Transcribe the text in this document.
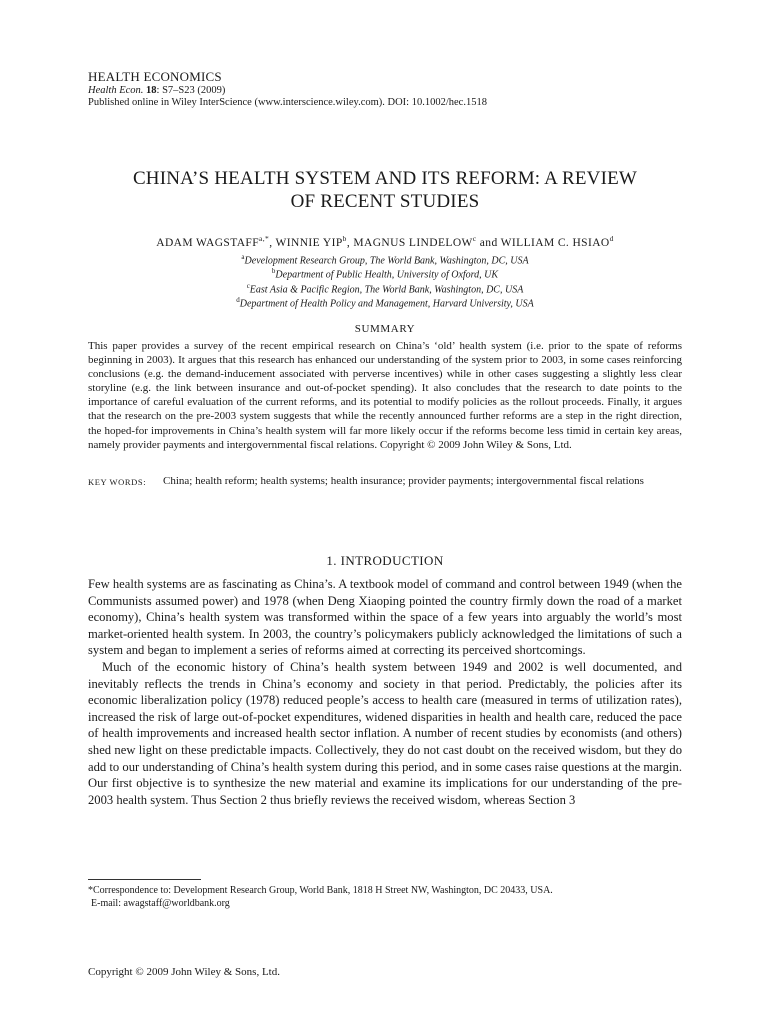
HEALTH ECONOMICS
Health Econ. 18: S7–S23 (2009)
Published online in Wiley InterScience (www.interscience.wiley.com). DOI: 10.1002/hec.1518
CHINA’S HEALTH SYSTEM AND ITS REFORM: A REVIEW
OF RECENT STUDIES
ADAM $WAGSTAFF^{a,*}$, WINNIE YIP$^b$, MAGNUS LINDELOW$^c$ and WILLIAM C. HSIAO$^d$
$^a$Development Research Group, The World Bank, Washington, DC, USA
$^b$Department of Public Health, University of Oxford, UK
$^c$East Asia & Pacific Region, The World Bank, Washington, DC, USA
$^d$Department of Health Policy and Management, Harvard University, USA
SUMMARY
This paper provides a survey of the recent empirical research on China’s ‘old’ health system (i.e. prior to the spate of reforms beginning in 2003). It argues that this research has enhanced our understanding of the system prior to 2003, in some cases reinforcing conclusions (e.g. the demand-inducement associated with perverse incentives) while in other cases suggesting a slightly less clear storyline (e.g. the link between insurance and out-of-pocket spending). It also concludes that the research to date points to the importance of careful evaluation of the current reforms, and its potential to modify policies as the rollout proceeds. Finally, it argues that the research on the pre-2003 system suggests that while the recently announced further reforms are a step in the right direction, the hoped-for improvements in China’s health system will far more likely occur if the reforms become less timid in certain key areas, namely provider payments and intergovernmental fiscal relations. Copyright © 2009 John Wiley & Sons, Ltd.
KEY WORDS: China; health reform; health systems; health insurance; provider payments; intergovernmental fiscal relations
1. INTRODUCTION

Few health systems are as fascinating as China’s. A textbook model of command and control between 1949 (when the Communists assumed power) and 1978 (when Deng Xiaoping pointed the country firmly down the road of a market economy), China’s health system was transformed within the space of a few years into arguably the world’s most market-oriented health system. In 2003, the country’s policymakers publicly acknowledged the limitations of such a system and began to implement a series of reforms aimed at correcting its perceived shortcomings.

Much of the economic history of China’s health system between 1949 and 2002 is well documented, and inevitably reflects the trends in China’s economy and society in that period. Predictably, the policies after its economic liberalization policy (1978) reduced people’s access to health care (measured in terms of utilization rates), increased the risk of large out-of-pocket expenditures, widened disparities in health and health care, reduced the pace of health improvements and increased health sector inflation. A number of recent studies by economists (and others) shed new light on these predictable impacts. Collectively, they do not cast doubt on the received wisdom, but they do add to our understanding of China’s health system during this period, and in some cases raise questions at the margin. Our first objective is to synthesize the new material and examine its implications for our understanding of the pre-2003 health system. Thus Section 2 thus briefly reviews the received wisdom, whereas Section 3

*Correspondence to: Development Research Group, World Bank, 1818 H Street NW, Washington, DC 20433, USA.
E-mail: awagstaff@worldbank.org
Copyright © 2009 John Wiley & Sons, Ltd.
